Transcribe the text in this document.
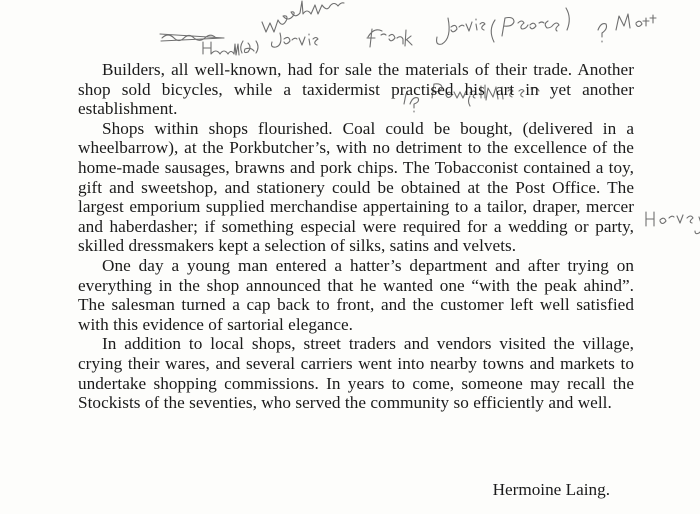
Builders, all well-known, had for sale the materials of their trade. Another shop sold bicycles, while a taxidermist practised his art in yet another establishment.

Shops within shops flourished. Coal could be bought, (delivered in a wheelbarrow), at the Porkbutcher’s, with no detriment to the excellence of the home-made sausages, brawns and pork chips. The Tobacconist contained a toy, gift and sweetshop, and stationery could be obtained at the Post Office. The largest emporium supplied merchandise appertaining to a tailor, draper, mercer and haberdasher; if something especial were required for a wedding or party, skilled dressmakers kept a selection of silks, satins and velvets.

One day a young man entered a hatter’s department and after trying on everything in the shop announced that he wanted one “with the peak ahind”. The salesman turned a cap back to front, and the customer left well satisfied with this evidence of sartorial elegance.

In addition to local shops, street traders and vendors visited the village, crying their wares, and several carriers went into nearby towns and markets to undertake shopping commissions. In years to come, someone may recall the Stockists of the seventies, who served the community so efficiently and well.

Hermoine Laing.
